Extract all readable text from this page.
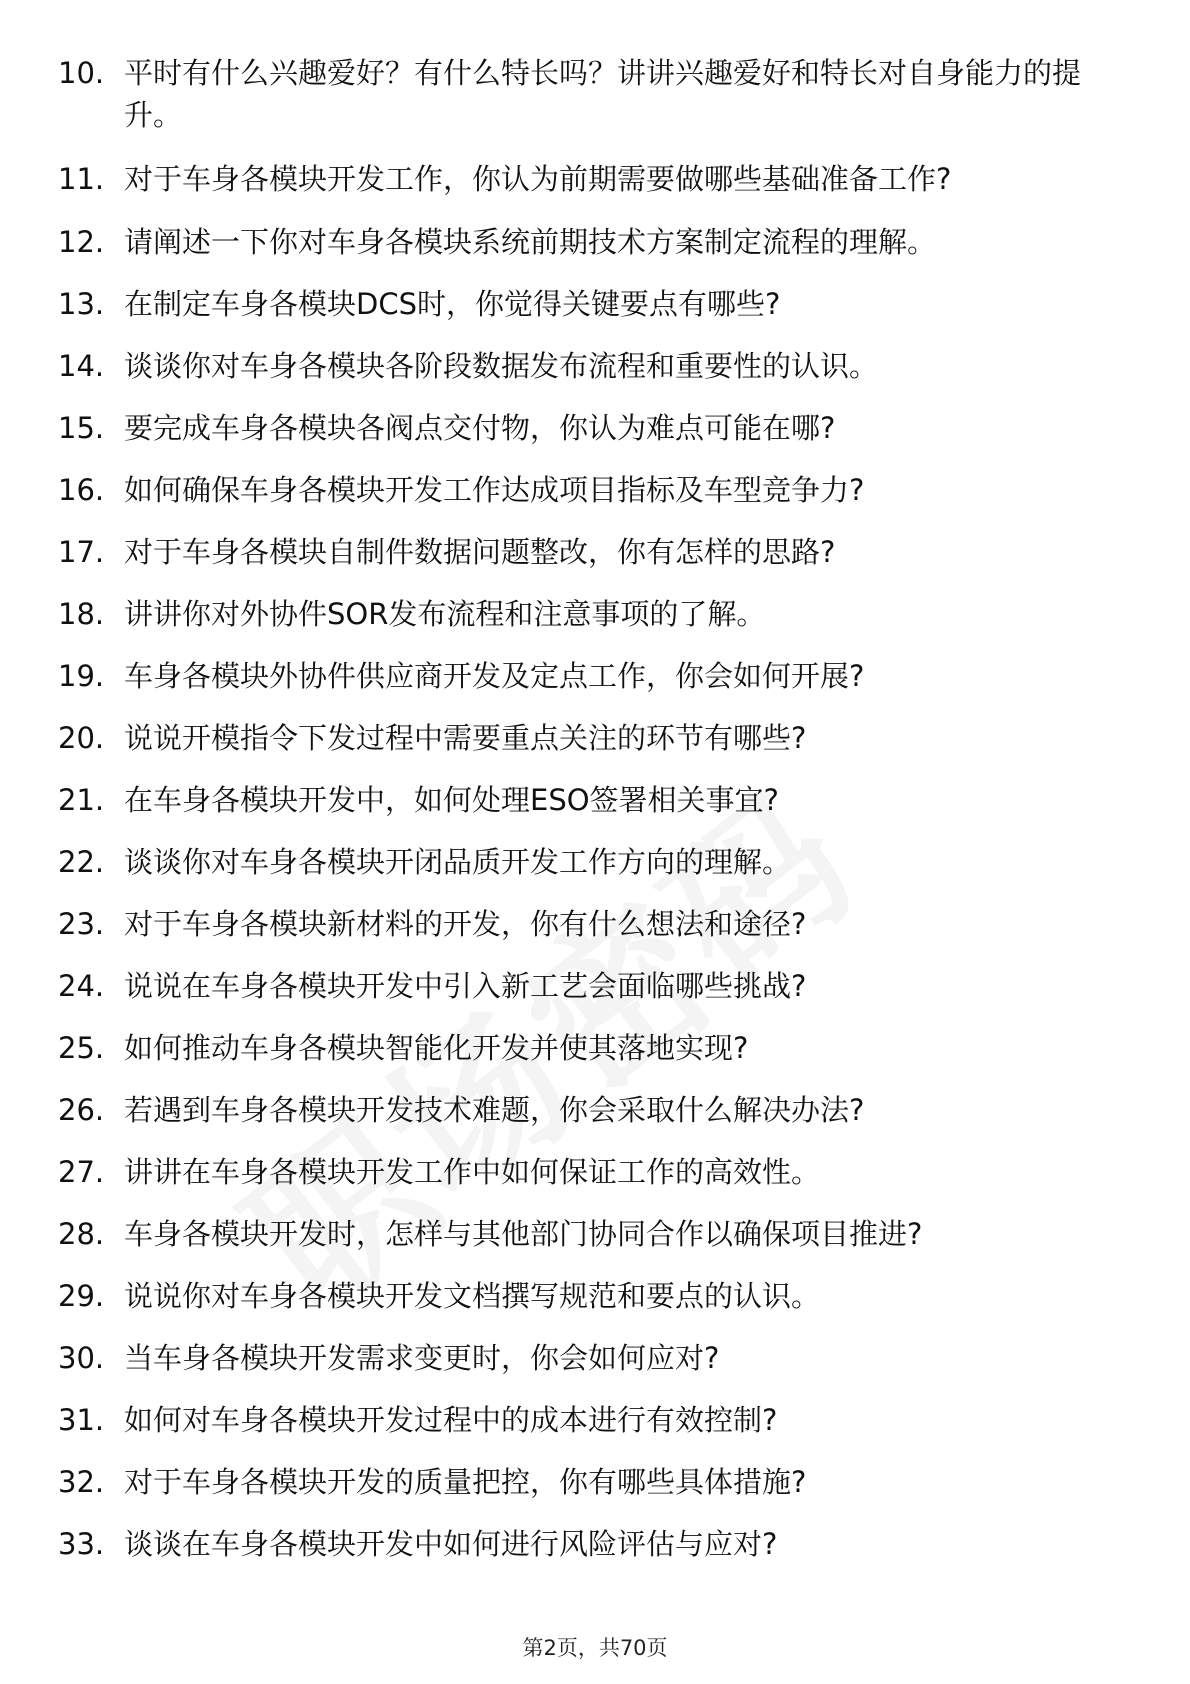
10. 平时有什么兴趣爱好？有什么特长吗？讲讲兴趣爱好和特长对自身能力的提升。
11. 对于车身各模块开发工作，你认为前期需要做哪些基础准备工作?
12. 请阐述一下你对车身各模块系统前期技术方案制定流程的理解。
13. 在制定车身各模块DCS时，你觉得关键要点有哪些?
14. 谈谈你对车身各模块各阶段数据发布流程和重要性的认识。
15. 要完成车身各模块各阀点交付物，你认为难点可能在哪?
16. 如何确保车身各模块开发工作达成项目指标及车型竞争力?
17. 对于车身各模块自制件数据问题整改，你有怎样的思路?
18. 讲讲你对外协件SOR发布流程和注意事项的了解。
19. 车身各模块外协件供应商开发及定点工作，你会如何开展?
20. 说说开模指令下发过程中需要重点关注的环节有哪些?
21. 在车身各模块开发中，如何处理ESO签署相关事宜?
22. 谈谈你对车身各模块开闭品质开发工作方向的理解。
23. 对于车身各模块新材料的开发，你有什么想法和途径?
24. 说说在车身各模块开发中引入新工艺会面临哪些挑战?
25. 如何推动车身各模块智能化开发并使其落地实现?
26. 若遇到车身各模块开发技术难题，你会采取什么解决办法?
27. 讲讲在车身各模块开发工作中如何保证工作的高效性。
28. 车身各模块开发时，怎样与其他部门协同合作以确保项目推进?
29. 说说你对车身各模块开发文档撰写规范和要点的认识。
30. 当车身各模块开发需求变更时，你会如何应对?
31. 如何对车身各模块开发过程中的成本进行有效控制?
32. 对于车身各模块开发的质量把控，你有哪些具体措施?
33. 谈谈在车身各模块开发中如何进行风险评估与应对?
第2页，共70页
